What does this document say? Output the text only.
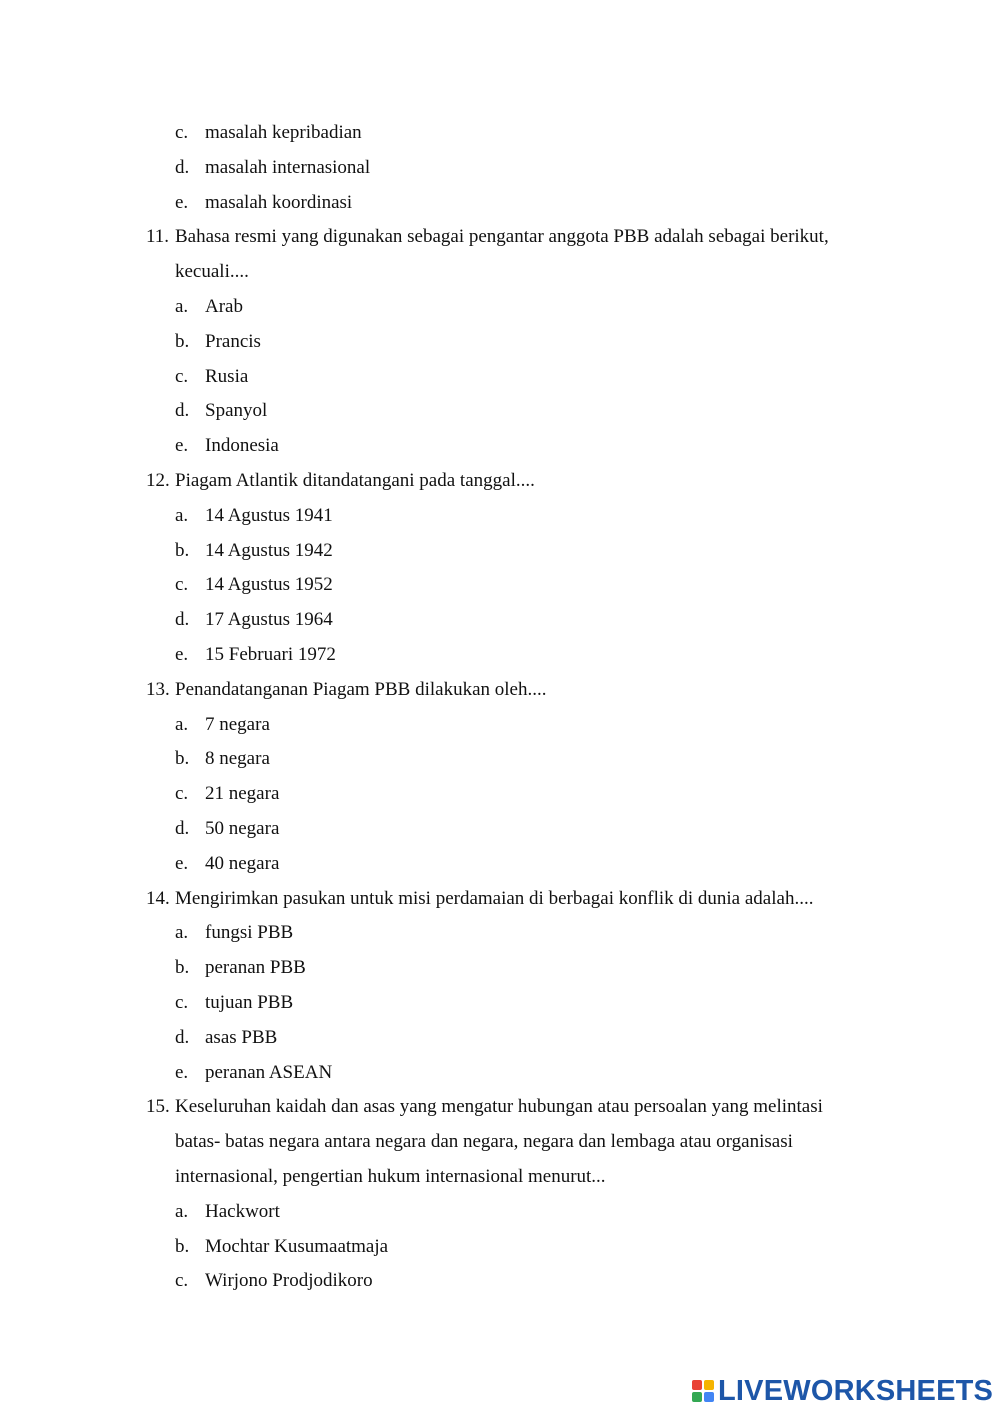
c. masalah kepribadian
d. masalah internasional
e. masalah koordinasi
11. Bahasa resmi yang digunakan sebagai pengantar anggota PBB adalah sebagai berikut,
kecuali....
a. Arab
b. Prancis
c. Rusia
d. Spanyol
e. Indonesia
12. Piagam Atlantik ditandatangani pada tanggal....
a. 14 Agustus 1941
b. 14 Agustus 1942
c. 14 Agustus 1952
d. 17 Agustus 1964
e. 15 Februari 1972
13. Penandatanganan Piagam PBB dilakukan oleh....
a. 7 negara
b. 8 negara
c. 21 negara
d. 50 negara
e. 40 negara
14. Mengirimkan pasukan untuk misi perdamaian di berbagai konflik di dunia adalah....
a. fungsi PBB
b. peranan PBB
c. tujuan PBB
d. asas PBB
e. peranan ASEAN
15. Keseluruhan kaidah dan asas yang mengatur hubungan atau persoalan yang melintasi
batas- batas negara antara negara dan negara, negara dan lembaga atau organisasi
internasional, pengertian hukum internasional menurut...
a. Hackwort
b. Mochtar Kusumaatmaja
c. Wirjono Prodjodikoro
LIVEWORKSHEETS
